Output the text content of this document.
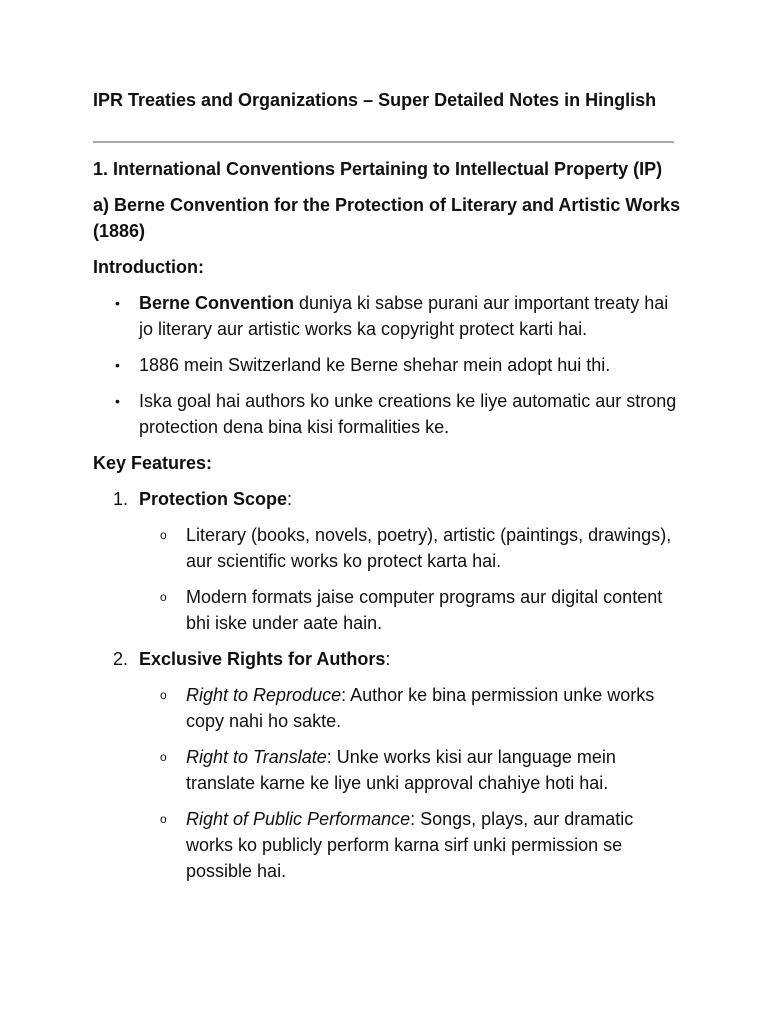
IPR Treaties and Organizations – Super Detailed Notes in Hinglish
1. International Conventions Pertaining to Intellectual Property (IP)
a) Berne Convention for the Protection of Literary and Artistic Works (1886)
Introduction:
• Berne Convention duniya ki sabse purani aur important treaty hai jo literary aur artistic works ka copyright protect karti hai.
• 1886 mein Switzerland ke Berne shehar mein adopt hui thi.
• Iska goal hai authors ko unke creations ke liye automatic aur strong protection dena bina kisi formalities ke.
Key Features:
1. Protection Scope:
o Literary (books, novels, poetry), artistic (paintings, drawings), aur scientific works ko protect karta hai.
o Modern formats jaise computer programs aur digital content bhi iske under aate hain.
2. Exclusive Rights for Authors:
o Right to Reproduce: Author ke bina permission unke works copy nahi ho sakte.
o Right to Translate: Unke works kisi aur language mein translate karne ke liye unki approval chahiye hoti hai.
o Right of Public Performance: Songs, plays, aur dramatic works ko publicly perform karna sirf unki permission se possible hai.
